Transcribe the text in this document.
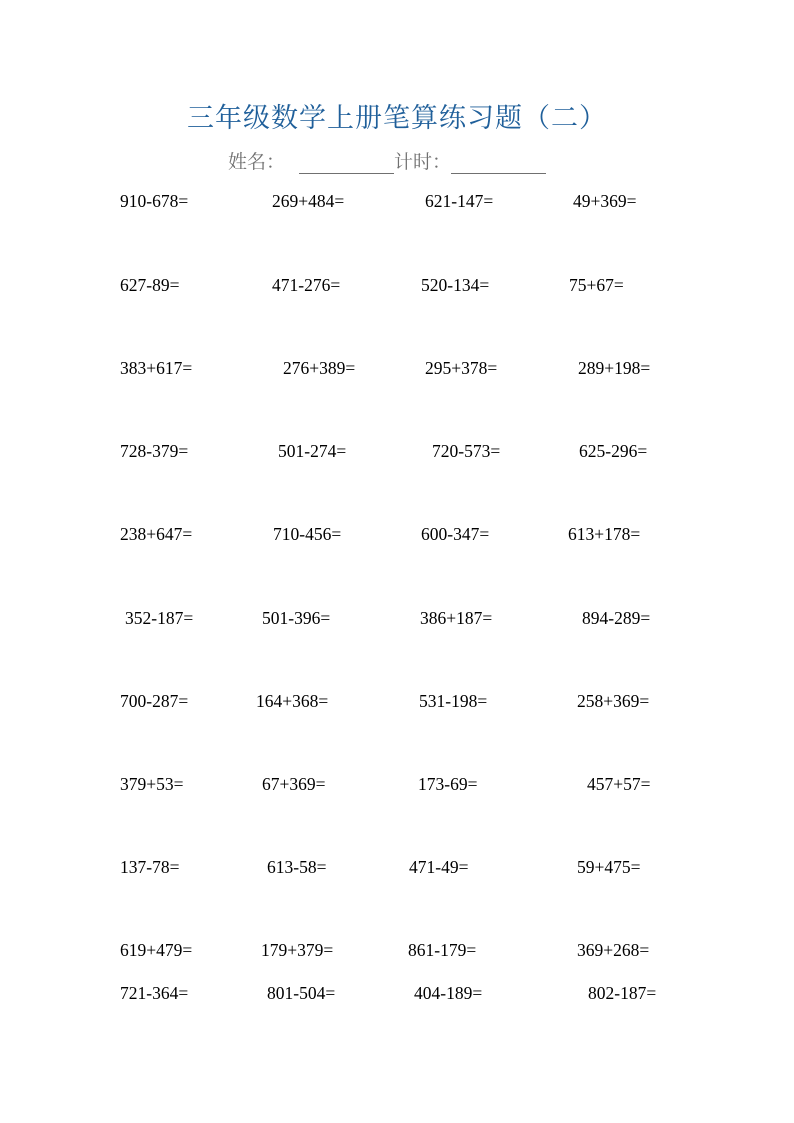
三年级数学上册笔算练习题（二）
姓名：	计时：
910-678=	269+484=	621-147=	49+369=
627-89=	471-276=	520-134=	75+67=
383+617=	276+389=	295+378=	289+198=
728-379=	501-274=	720-573=	625-296=
238+647=	710-456=	600-347=	613+178=
352-187=	501-396=	386+187=	894-289=
700-287=	164+368=	531-198=	258+369=
379+53=	67+369=	173-69=	457+57=
137-78=	613-58=	471-49=	59+475=
619+479=	179+379=	861-179=	369+268=
721-364=	801-504=	404-189=	802-187=
